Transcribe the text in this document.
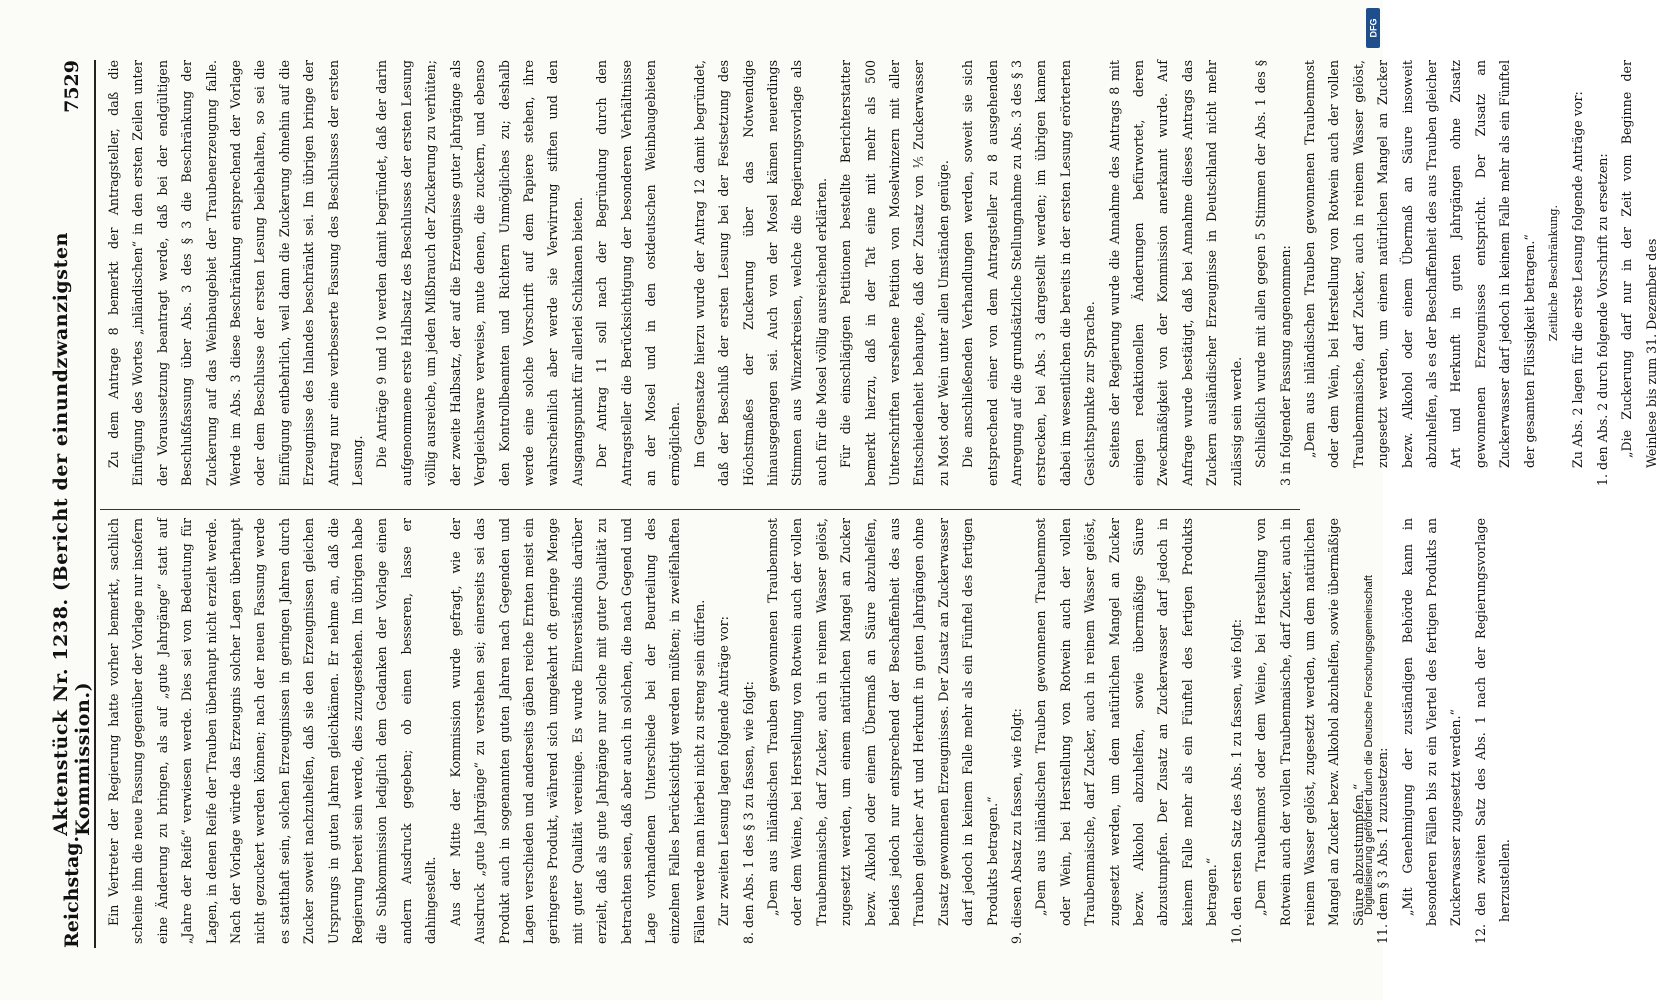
Reichstag.
Aktenstück Nr. 1238. (Bericht der einundzwanzigsten Kommission.)
7529

Ein Vertreter der Regierung hatte vorher bemerkt, sachlich scheine ihm die neue Fassung gegenüber der Vorlage nur insofern eine Änderung zu bringen, als auf „gute Jahrgänge“ statt auf „Jahre der Reife“ verwiesen werde. Dies sei von Bedeutung für Lagen, in denen Reife der Trauben überhaupt nicht erzielt werde. Nach der Vorlage würde das Erzeugnis solcher Lagen überhaupt nicht gezuckert werden können; nach der neuen Fassung werde es statthaft sein, solchen Erzeugnissen in geringen Jahren durch Zucker soweit nachzuhelfen, daß sie den Erzeugnissen gleichen Ursprungs in guten Jahren gleichkämen. Er nehme an, daß die Regierung bereit sein werde, dies zuzugestehen. Im übrigen habe die Subkommission lediglich dem Gedanken der Vorlage einen andern Ausdruck gegeben; ob einen besseren, lasse er dahingestellt. Aus der Mitte der Kommission wurde gefragt, wie der Ausdruck „gute Jahrgänge“ zu verstehen sei; einerseits sei das Produkt auch in sogenannten guten Jahren nach Gegenden und Lagen verschieden und anderseits gäben reiche Ernten meist ein geringeres Produkt, während sich umgekehrt oft geringe Menge mit guter Qualität vereinige. Es wurde Einverständnis darüber erzielt, daß als gute Jahrgänge nur solche mit guter Qualität zu betrachten seien, daß aber auch in solchen, die nach Gegend und Lage vorhandenen Unterschiede bei der Beurteilung des einzelnen Falles berücksichtigt werden müßten; in zweifelhaften Fällen werde man hierbei nicht zu streng sein dürfen. Zur zweiten Lesung lagen folgende Anträge vor: 8. den Abs. 1 des § 3 zu fassen, wie folgt: „Dem aus inländischen Trauben gewonnenen Traubenmost oder dem Weine, bei Herstellung von Rotwein auch der vollen Traubenmaische, darf Zucker, auch in reinem Wasser gelöst, zugesetzt werden, um einem natürlichen Mangel an Zucker bezw. Alkohol oder einem Übermaß an Säure abzuhelfen, beides jedoch nur entsprechend der Beschaffenheit des aus Trauben gleicher Art und Herkunft in guten Jahrgängen ohne Zusatz gewonnenen Erzeugnisses. Der Zusatz an Zuckerwasser darf jedoch in keinem Falle mehr als ein Fünftel des fertigen Produkts betragen.“ 9. diesen Absatz zu fassen, wie folgt: „Dem aus inländischen Trauben gewonnenen Traubenmost oder Wein, bei Herstellung von Rotwein auch der vollen Traubenmaische, darf Zucker, auch in reinem Wasser gelöst, zugesetzt werden, um dem natürlichen Mangel an Zucker bezw. Alkohol abzuhelfen, sowie übermäßige Säure abzustumpfen. Der Zusatz an Zuckerwasser darf jedoch in keinem Falle mehr als ein Fünftel des fertigen Produkts betragen.“ 10. den ersten Satz des Abs. 1 zu fassen, wie folgt: „Dem Traubenmost oder dem Weine, bei Herstellung von Rotwein auch der vollen Traubenmaische, darf Zucker, auch in reinem Wasser gelöst, zugesetzt werden, um dem natürlichen Mangel an Zucker bezw. Alkohol abzuhelfen, sowie übermäßige Säure abzustumpfen.“ 11. dem § 3 Abs. 1 zuzusetzen: „Mit Genehmigung der zuständigen Behörde kann in besonderen Fällen bis zu ein Viertel des fertigen Produkts an Zuckerwasser zugesetzt werden.“ 12. den zweiten Satz des Abs. 1 nach der Regierungsvorlage herzustellen.

Zu dem Antrage 8 bemerkt der Antragsteller, daß die Einfügung des Wortes „inländischen“ in den ersten Zeilen unter der Voraussetzung beantragt werde, daß bei der endgültigen Beschlußfassung über Abs. 3 des § 3 die Beschränkung der Zuckerung auf das Weinbaugebiet der Traubenerzeugung falle. Werde im Abs. 3 diese Beschränkung entsprechend der Vorlage oder dem Beschlusse der ersten Lesung beibehalten, so sei die Einfügung entbehrlich, weil dann die Zuckerung ohnehin auf die Erzeugnisse des Inlandes beschränkt sei. Im übrigen bringe der Antrag nur eine verbesserte Fassung des Beschlusses der ersten Lesung. Die Anträge 9 und 10 werden damit begründet, daß der darin aufgenommene erste Halbsatz des Beschlusses der ersten Lesung völlig ausreiche, um jeden Mißbrauch der Zuckerung zu verhüten; der zweite Halbsatz, der auf die Erzeugnisse guter Jahrgänge als Vergleichsware verweise, mute denen, die zuckern, und ebenso den Kontrollbeamten und Richtern Unmögliches zu; deshalb werde eine solche Vorschrift auf dem Papiere stehen, ihre wahrscheinlich aber werde sie Verwirrung stiften und den Ausgangspunkt für allerlei Schikanen bieten. Der Antrag 11 soll nach der Begründung durch den Antragsteller die Berücksichtigung der besonderen Verhältnisse an der Mosel und in den ostdeutschen Weinbaugebieten ermöglichen. Im Gegensatze hierzu wurde der Antrag 12 damit begründet, daß der Beschluß der ersten Lesung bei der Festsetzung des Höchstmaßes der Zuckerung über das Notwendige hinausgegangen sei. Auch von der Mosel kämen neuerdings Stimmen aus Winzerkreisen, welche die Regierungsvorlage als auch für die Mosel völlig ausreichend erklärten. Für die einschlägigen Petitionen bestellte Berichterstatter bemerkt hierzu, daß in der Tat eine mit mehr als 500 Unterschriften versehene Petition von Moselwinzern mit aller Entschiedenheit behaupte, daß der Zusatz von ⅕ Zuckerwasser zu Most oder Wein unter allen Umständen genüge. Die anschließenden Verhandlungen werden, soweit sie sich entsprechend einer von dem Antragsteller zu 8 ausgehenden Anregung auf die grundsätzliche Stellungnahme zu Abs. 3 des § 3 erstrecken, bei Abs. 3 dargestellt werden; im übrigen kamen dabei im wesentlichen die bereits in der ersten Lesung erörterten Gesichtspunkte zur Sprache. Seitens der Regierung wurde die Annahme des Antrags 8 mit einigen redaktionellen Änderungen befürwortet, deren Zweckmäßigkeit von der Kommission anerkannt wurde. Auf Anfrage wurde bestätigt, daß bei Annahme dieses Antrags das Zuckern ausländischer Erzeugnisse in Deutschland nicht mehr zulässig sein werde. Schließlich wurde mit allen gegen 5 Stimmen der Abs. 1 des § 3 in folgender Fassung angenommen: „Dem aus inländischen Trauben gewonnenen Traubenmost oder dem Wein, bei Herstellung von Rotwein auch der vollen Traubenmaische, darf Zucker, auch in reinem Wasser gelöst, zugesetzt werden, um einem natürlichen Mangel an Zucker bezw. Alkohol oder einem Übermaß an Säure insoweit abzuhelfen, als es der Beschaffenheit des aus Trauben gleicher Art und Herkunft in guten Jahrgängen ohne Zusatz gewonnenen Erzeugnisses entspricht. Der Zusatz an Zuckerwasser darf jedoch in keinem Falle mehr als ein Fünftel der gesamten Flüssigkeit betragen.“ Zeitliche Beschränkung. Zu Abs. 2 lagen für die erste Lesung folgende Anträge vor: 1. den Abs. 2 durch folgende Vorschrift zu ersetzen: „Die Zuckerung darf nur in der Zeit vom Beginne der Weinlese bis zum 31. Dezember des

DFG
Digitalisierung gefördert durch die Deutsche Forschungsgemeinschaft
